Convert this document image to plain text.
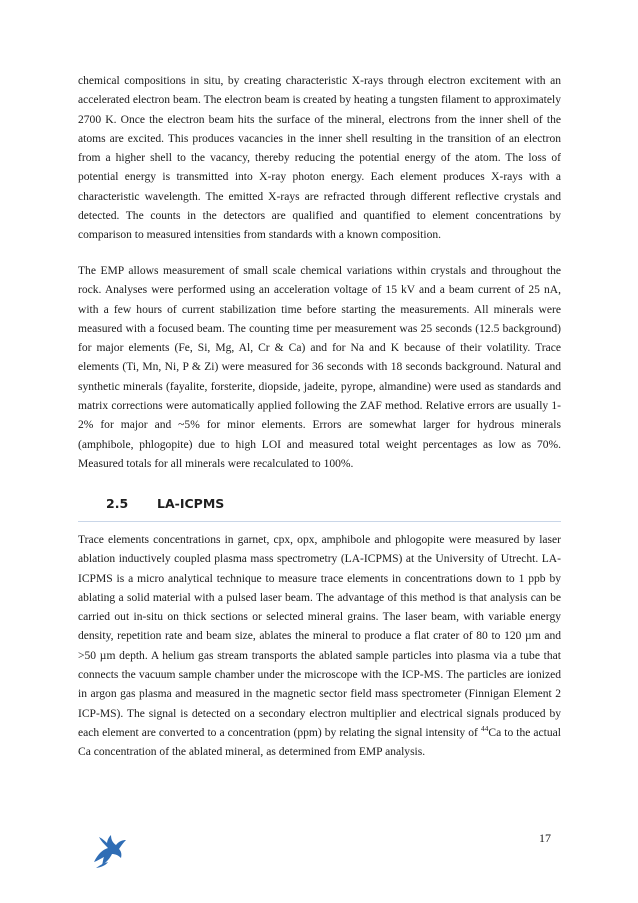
chemical compositions in situ, by creating characteristic X-rays through electron excitement with an accelerated electron beam. The electron beam is created by heating a tungsten filament to approximately 2700 K. Once the electron beam hits the surface of the mineral, electrons from the inner shell of the atoms are excited. This produces vacancies in the inner shell resulting in the transition of an electron from a higher shell to the vacancy, thereby reducing the potential energy of the atom. The loss of potential energy is transmitted into X-ray photon energy. Each element produces X-rays with a characteristic wavelength. The emitted X-rays are refracted through different reflective crystals and detected. The counts in the detectors are qualified and quantified to element concentrations by comparison to measured intensities from standards with a known composition.

The EMP allows measurement of small scale chemical variations within crystals and throughout the rock. Analyses were performed using an acceleration voltage of 15 kV and a beam current of 25 nA, with a few hours of current stabilization time before starting the measurements. All minerals were measured with a focused beam. The counting time per measurement was 25 seconds (12.5 background) for major elements (Fe, Si, Mg, Al, Cr & Ca) and for Na and K because of their volatility. Trace elements (Ti, Mn, Ni, P & Zi) were measured for 36 seconds with 18 seconds background. Natural and synthetic minerals (fayalite, forsterite, diopside, jadeite, pyrope, almandine) were used as standards and matrix corrections were automatically applied following the ZAF method. Relative errors are usually 1-2% for major and ~5% for minor elements. Errors are somewhat larger for hydrous minerals (amphibole, phlogopite) due to high LOI and measured total weight percentages as low as 70%. Measured totals for all minerals were recalculated to 100%.

2.5 LA-ICPMS

Trace elements concentrations in garnet, cpx, opx, amphibole and phlogopite were measured by laser ablation inductively coupled plasma mass spectrometry (LA-ICPMS) at the University of Utrecht. LA-ICPMS is a micro analytical technique to measure trace elements in concentrations down to 1 ppb by ablating a solid material with a pulsed laser beam. The advantage of this method is that analysis can be carried out in-situ on thick sections or selected mineral grains. The laser beam, with variable energy density, repetition rate and beam size, ablates the mineral to produce a flat crater of 80 to 120 µm and >50 µm depth. A helium gas stream transports the ablated sample particles into plasma via a tube that connects the vacuum sample chamber under the microscope with the ICP-MS. The particles are ionized in argon gas plasma and measured in the magnetic sector field mass spectrometer (Finnigan Element 2 ICP-MS). The signal is detected on a secondary electron multiplier and electrical signals produced by each element are converted to a concentration (ppm) by relating the signal intensity of $^{44}$Ca to the actual Ca concentration of the ablated mineral, as determined from EMP analysis.

17
